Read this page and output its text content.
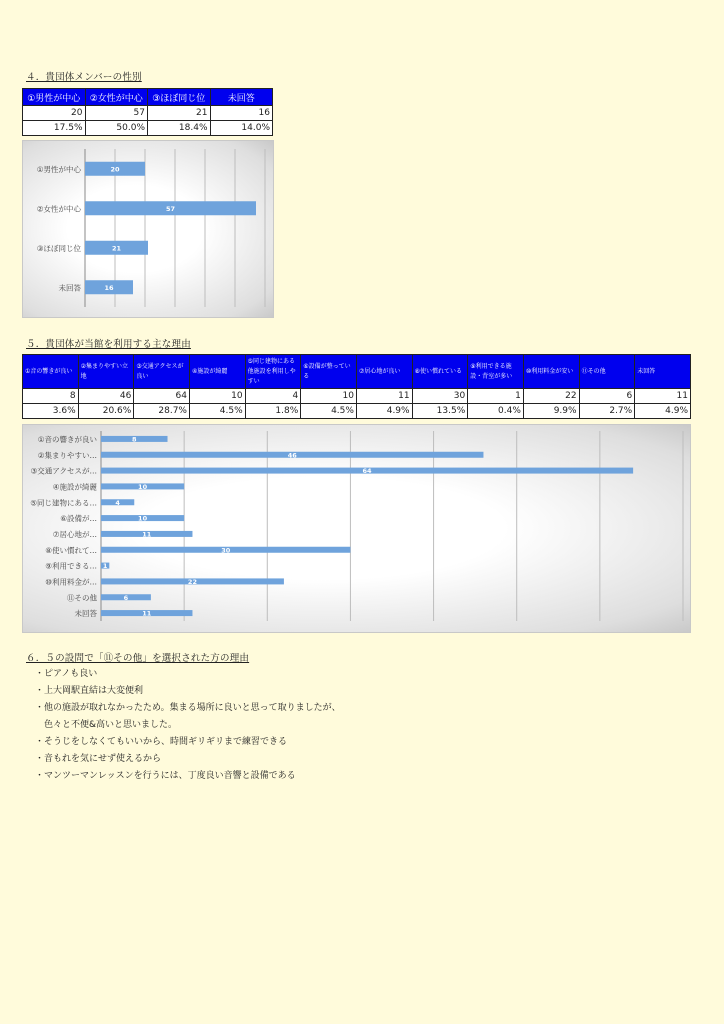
４．貴団体メンバーの性別
①男性が中心	②女性が中心	③ほぼ同じ位	未回答
20	57	21	16
17.5%	50.0%	18.4%	14.0%
①男性が中心	20
②女性が中心	57
③ほぼ同じ位	21
未回答	16
５．貴団体が当館を利用する主な理由
①音の響きが良い	②集まりやすい立地	③交通アクセスが良い	④施設が綺麗	⑤同じ建物にある他施設を利用しやすい	⑥設備が整っている	⑦居心地が良い	⑧使い慣れている	⑨利用できる施設・背室が多い	⑩利用料金が安い	⑪その他	未回答
8	46	64	10	4	10	11	30	1	22	6	11
3.6%	20.6%	28.7%	4.5%	1.8%	4.5%	4.9%	13.5%	0.4%	9.9%	2.7%	4.9%
①音の響きが良い	8
②集まりやすい…	46
③交通アクセスが…	64
④施設が綺麗	10
⑤同じ建物にある…	4
⑥設備が…	10
⑦居心地が…	11
⑧使い慣れて…	30
⑨利用できる… 1
⑩利用料金が…	22
⑪その他	6
未回答	11
６．５の設問で「⑪その他」を選択された方の理由
・ピアノも良い
・上大岡駅直結は大変便利
・他の施設が取れなかったため。集まる場所に良いと思って取りましたが、
　色々と不便&高いと思いました。
・そうじをしなくてもいいから、時間ギリギリまで練習できる
・音もれを気にせず使えるから
・マンツーマンレッスンを行うには、丁度良い音響と設備である
